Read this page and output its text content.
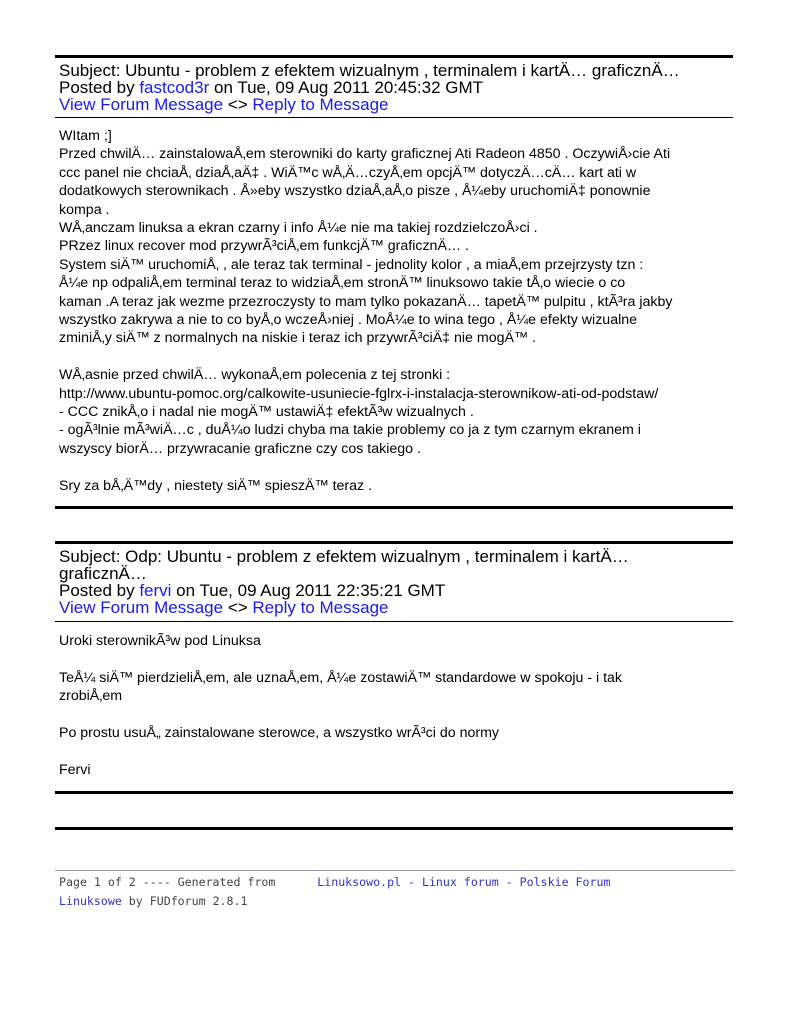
Subject: Ubuntu - problem z efektem wizualnym , terminalem i kartÄ… graficznÄ…
Posted by fastcod3r on Tue, 09 Aug 2011 20:45:32 GMT
View Forum Message <> Reply to Message
WItam ;]
Przed chwilÄ… zainstalowaÅ‚em sterowniki do karty graficznej Ati Radeon 4850 . OczywiÅ›cie Ati
ccc panel nie chciaÅ‚ dziaÅ‚aÄ‡ . WiÄ™c wÅ‚Ä…czyÅ‚em opcjÄ™ dotyczÄ…cÄ… kart ati w
dodatkowych sterownikach . Å»eby wszystko dziaÅ‚aÅ‚o pisze , Å¼eby uruchomiÄ‡ ponownie
kompa .
WÅ‚anczam linuksa a ekran czarny i info Å¼e nie ma takiej rozdzielczoÅ›ci .
PRzez linux recover mod przywrÃ³ciÅ‚em funkcjÄ™ graficznÄ… .
System siÄ™ uruchomiÅ‚ , ale teraz tak terminal - jednolity kolor , a miaÅ‚em przejrzysty tzn :
Å¼e np odpaliÅ‚em terminal teraz to widziaÅ‚em stronÄ™ linuksowo takie tÅ‚o wiecie o co
kaman .A teraz jak wezme przezroczysty to mam tylko pokazanÄ… tapetÄ™ pulpitu , ktÃ³ra jakby
wszystko zakrywa a nie to co byÅ‚o wczeÅ›niej . MoÅ¼e to wina tego , Å¼e efekty wizualne
zminiÅ‚y siÄ™ z normalnych na niskie i teraz ich przywrÃ³ciÄ‡ nie mogÄ™ .
WÅ‚asnie przed chwilÄ… wykonaÅ‚em polecenia z tej stronki :
http://www.ubuntu-pomoc.org/calkowite-usuniecie-fglrx-i-instalacja-sterownikow-ati-od-podstaw/
- CCC znikÅ‚o i nadal nie mogÄ™ ustawiÄ‡ efektÃ³w wizualnych .
- ogÃ³lnie mÃ³wiÄ…c , duÅ¼o ludzi chyba ma takie problemy co ja z tym czarnym ekranem i
wszyscy biorÄ… przywracanie graficzne czy cos takiego .
Sry za bÅ‚Ä™dy , niestety siÄ™ spieszÄ™ teraz .
Subject: Odp: Ubuntu - problem z efektem wizualnym , terminalem i kartÄ…
graficznÄ…
Posted by fervi on Tue, 09 Aug 2011 22:35:21 GMT
View Forum Message <> Reply to Message
Uroki sterownikÃ³w pod Linuksa
TeÅ¼ siÄ™ pierdzieliÅ‚em, ale uznaÅ‚em, Å¼e zostawiÄ™ standardowe w spokoju - i tak
zrobiÅ‚em
Po prostu usuÅ„ zainstalowane sterowce, a wszystko wrÃ³ci do normy
Fervi
Page 1 of 2 ---- Generated from      Linuksowo.pl - Linux forum - Polskie Forum
Linuksowe by FUDforum 2.8.1
